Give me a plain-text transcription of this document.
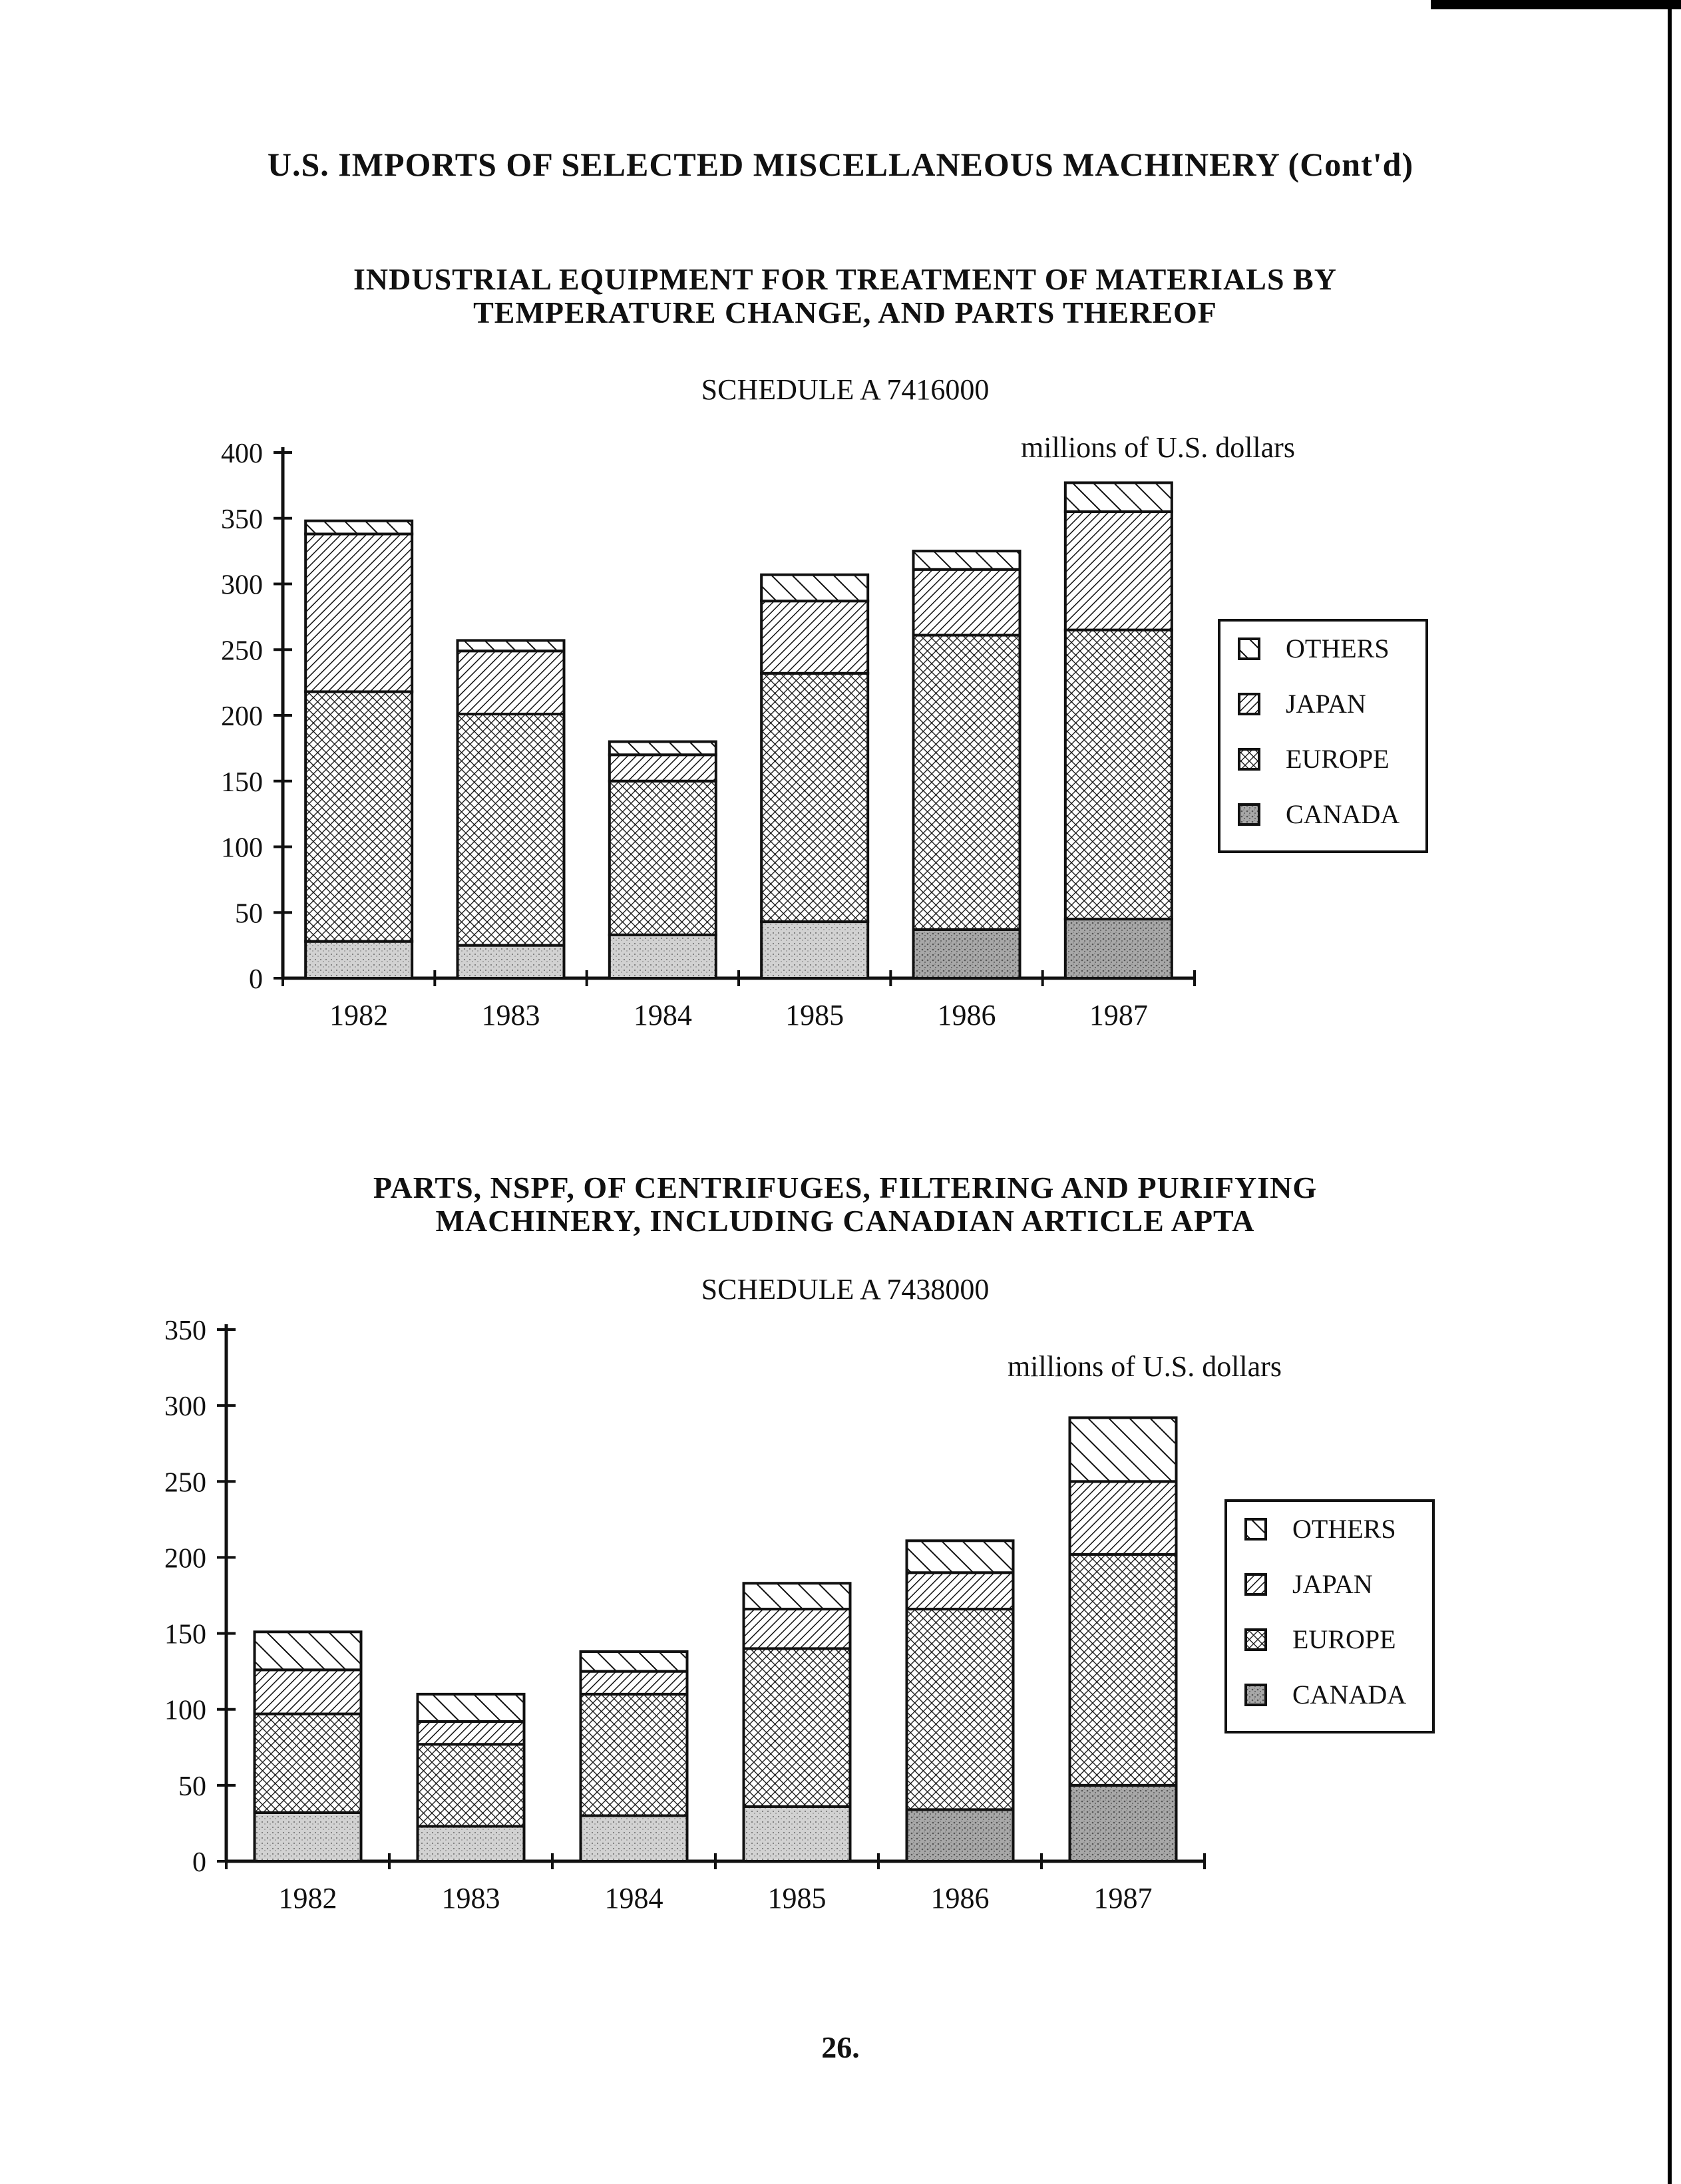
U.S. IMPORTS OF SELECTED MISCELLANEOUS MACHINERY (Cont'd)
INDUSTRIAL EQUIPMENT FOR TREATMENT OF MATERIALS BY
TEMPERATURE CHANGE, AND PARTS THEREOF
SCHEDULE A 7416000
0
50
100
150
200
250
300
350
400
1982	1983	1984	1985	1986	1987
millions of U.S. dollars
OTHERS
JAPAN
EUROPE
CANADA
PARTS, NSPF, OF CENTRIFUGES, FILTERING AND PURIFYING
MACHINERY, INCLUDING CANADIAN ARTICLE APTA
SCHEDULE A 7438000
0
50
100
150
200
250
300
350
1982	1983	1984	1985	1986	1987
millions of U.S. dollars
OTHERS
JAPAN
EUROPE
CANADA
26.
